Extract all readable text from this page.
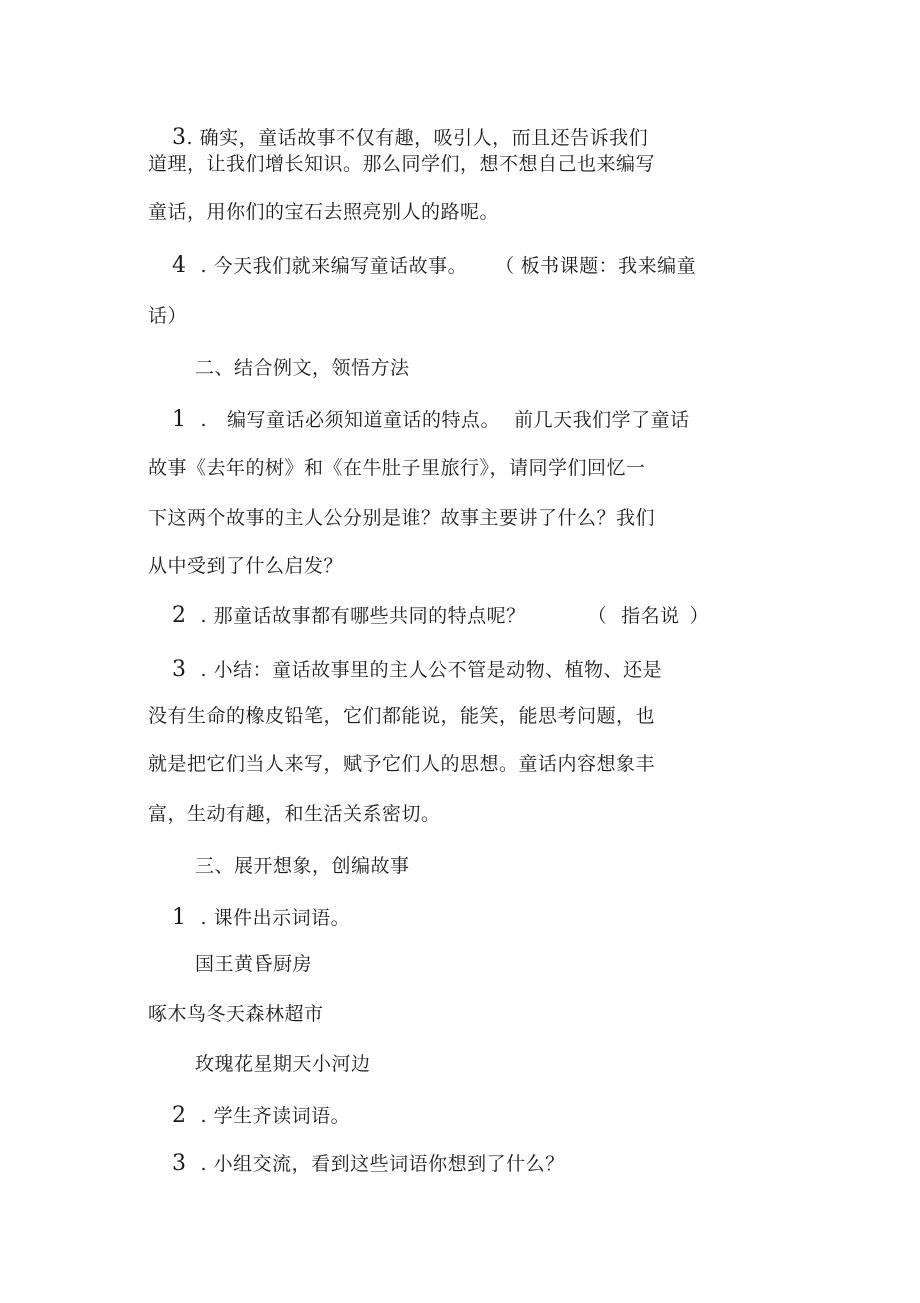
3. 确实，童话故事不仅有趣，吸引人，而且还告诉我们
道理，让我们增长知识。那么同学们，想不想自己也来编写
童话，用你们的宝石去照亮别人的路呢。
4 . 今天我们就来编写童话故事。 （ 板书课题：我来编童
话）
二、结合例文，领悟方法
1 . 编写童话必须知道童话的特点。 前几天我们学了童话
故事《去年的树》和《在牛肚子里旅行》，请同学们回忆一
下这两个故事的主人公分别是谁？故事主要讲了什么？我们
从中受到了什么启发？
2 . 那童话故事都有哪些共同的特点呢？	（ 指名说 ）
3 . 小结：童话故事里的主人公不管是动物、植物、还是
没有生命的橡皮铅笔，它们都能说，能笑，能思考问题，也
就是把它们当人来写，赋予它们人的思想。童话内容想象丰
富，生动有趣，和生活关系密切。
三、展开想象，创编故事
1 . 课件出示词语。
国王黄昏厨房
啄木鸟冬天森林超市
玫瑰花星期天小河边
2 . 学生齐读词语。
3 . 小组交流，看到这些词语你想到了什么？
